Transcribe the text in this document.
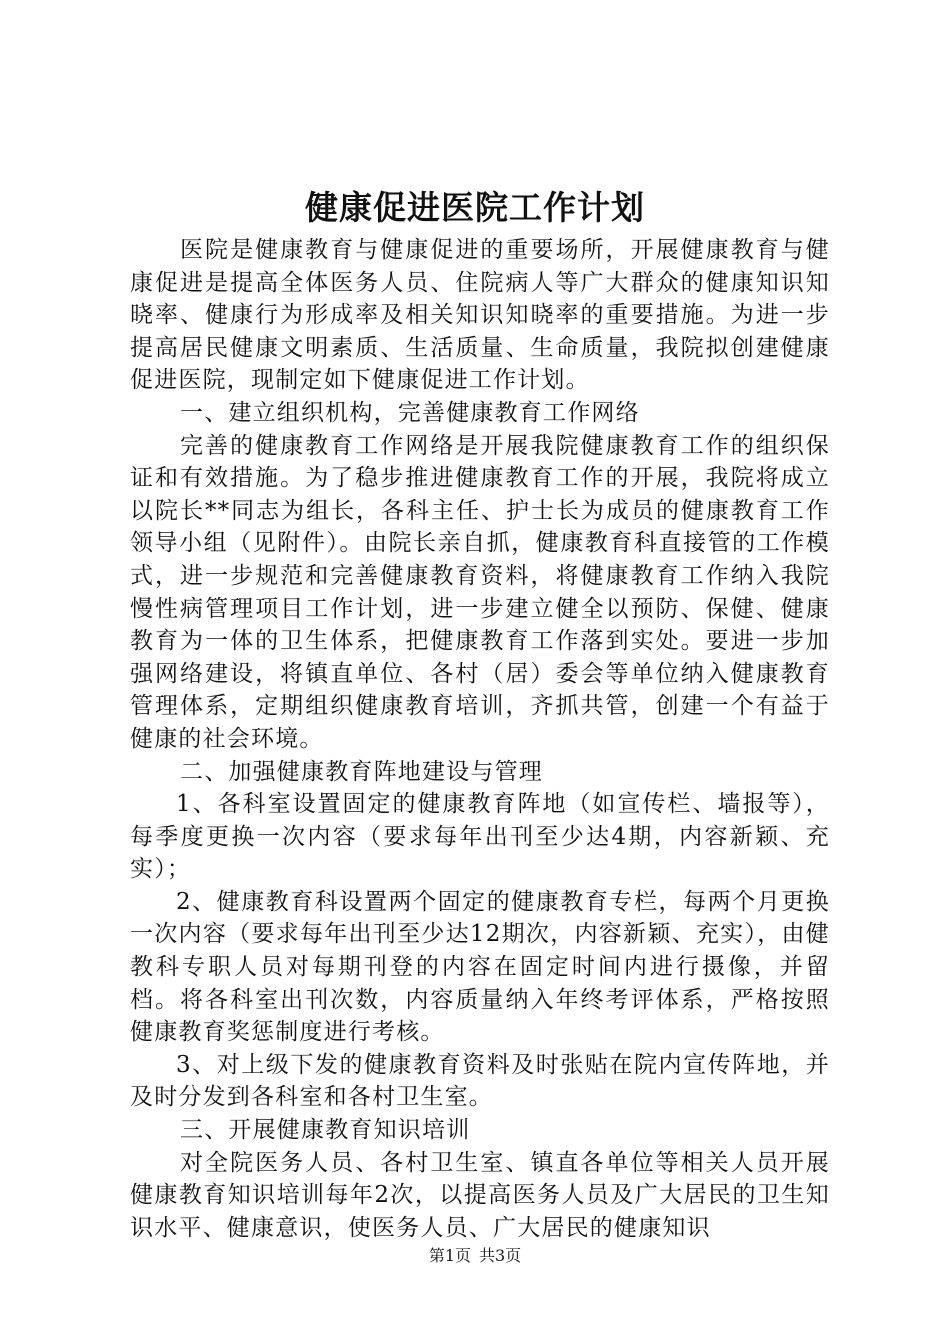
健康促进医院工作计划

医院是健康教育与健康促进的重要场所，开展健康教育与健康促进是提高全体医务人员、住院病人等广大群众的健康知识知晓率、健康行为形成率及相关知识知晓率的重要措施。为进一步提高居民健康文明素质、生活质量、生命质量，我院拟创建健康促进医院，现制定如下健康促进工作计划。

一、建立组织机构，完善健康教育工作网络

完善的健康教育工作网络是开展我院健康教育工作的组织保证和有效措施。为了稳步推进健康教育工作的开展，我院将成立以院长**同志为组长，各科主任、护士长为成员的健康教育工作领导小组（见附件）。由院长亲自抓，健康教育科直接管的工作模式，进一步规范和完善健康教育资料，将健康教育工作纳入我院慢性病管理项目工作计划，进一步建立健全以预防、保健、健康教育为一体的卫生体系，把健康教育工作落到实处。要进一步加强网络建设，将镇直单位、各村（居）委会等单位纳入健康教育管理体系，定期组织健康教育培训，齐抓共管，创建一个有益于健康的社会环境。

二、加强健康教育阵地建设与管理

1、各科室设置固定的健康教育阵地（如宣传栏、墙报等），每季度更换一次内容（要求每年出刊至少达4期，内容新颖、充实）；

2、健康教育科设置两个固定的健康教育专栏，每两个月更换一次内容（要求每年出刊至少达12期次，内容新颖、充实），由健教科专职人员对每期刊登的内容在固定时间内进行摄像，并留档。将各科室出刊次数，内容质量纳入年终考评体系，严格按照健康教育奖惩制度进行考核。

3、对上级下发的健康教育资料及时张贴在院内宣传阵地，并及时分发到各科室和各村卫生室。

三、开展健康教育知识培训

对全院医务人员、各村卫生室、镇直各单位等相关人员开展健康教育知识培训每年2次，以提高医务人员及广大居民的卫生知识水平、健康意识，使医务人员、广大居民的健康知识

第1页 共3页
